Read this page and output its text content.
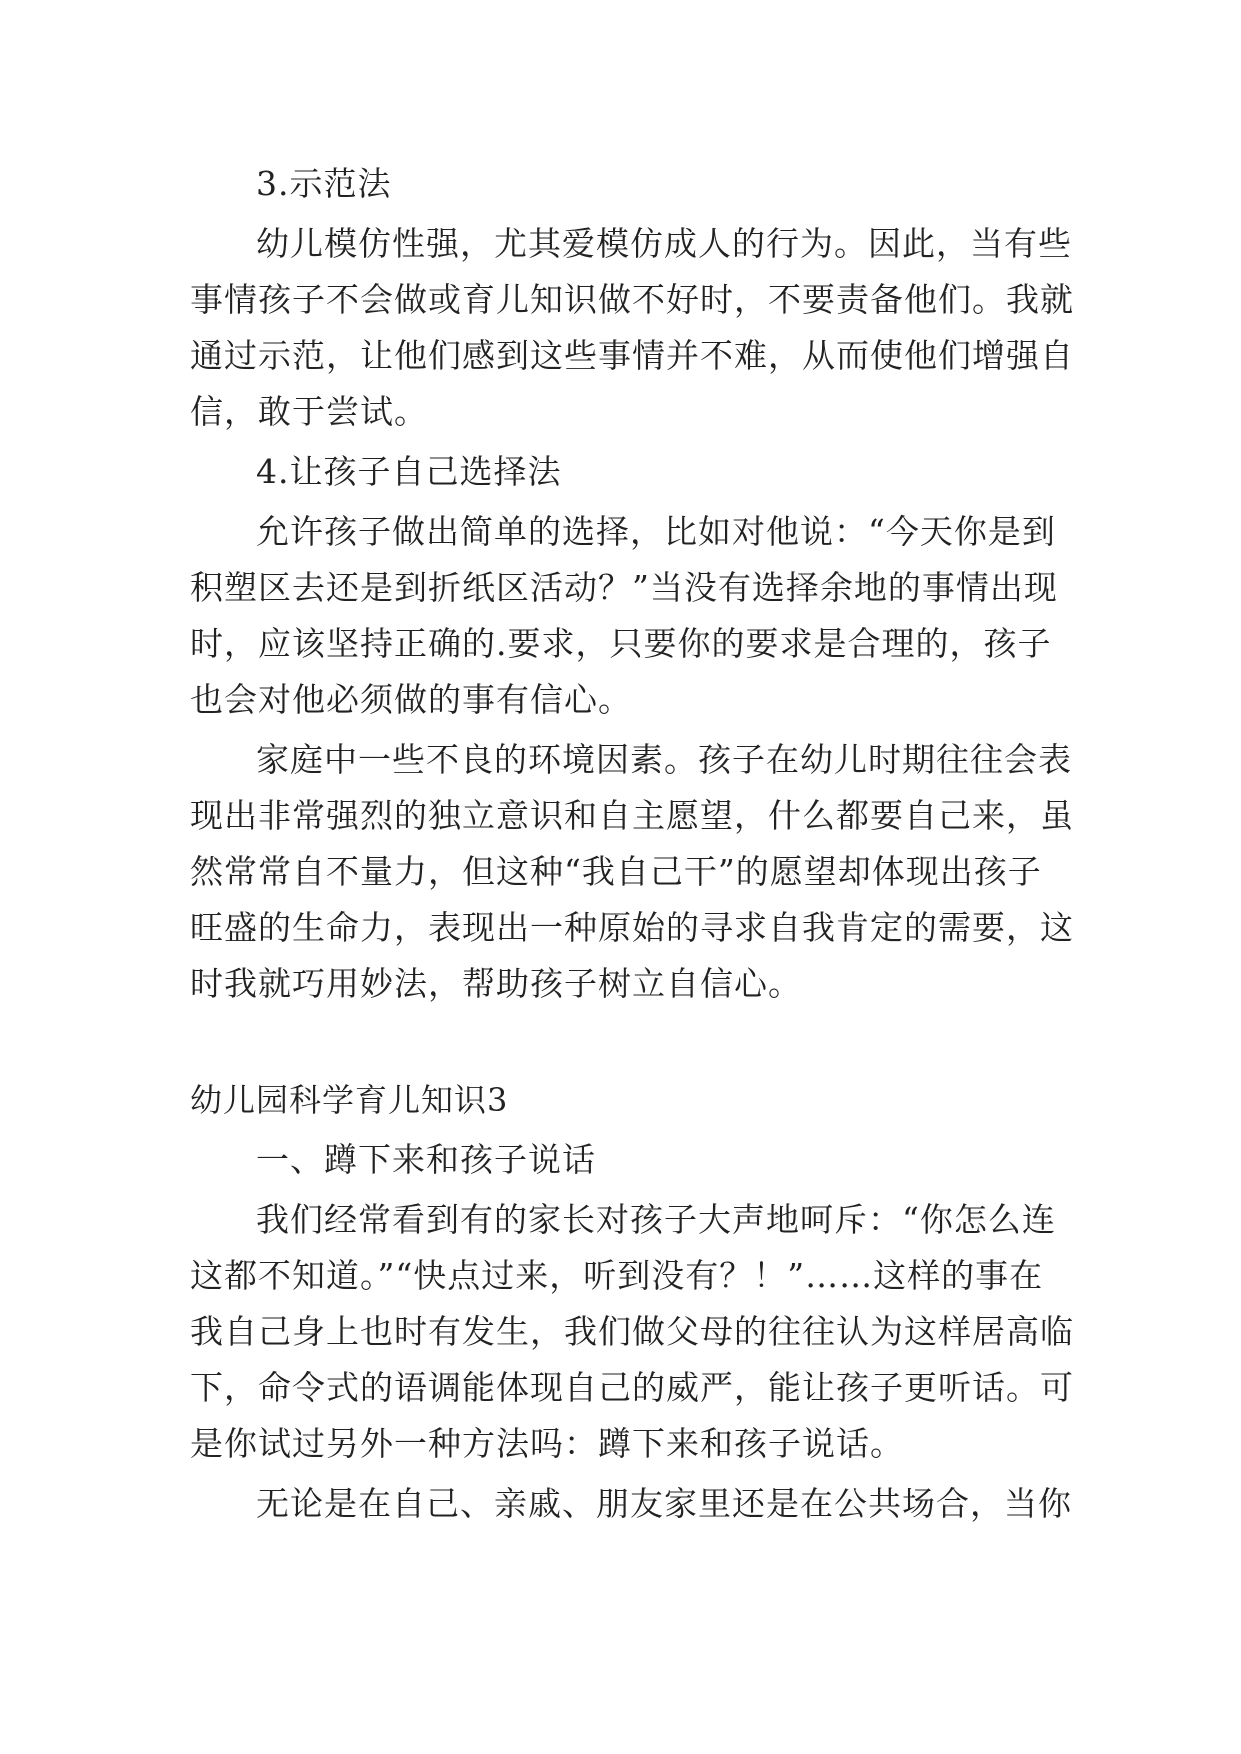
3.示范法
幼儿模仿性强，尤其爱模仿成人的行为。因此，当有些
事情孩子不会做或育儿知识做不好时，不要责备他们。我就
通过示范，让他们感到这些事情并不难，从而使他们增强自
信，敢于尝试。
4.让孩子自己选择法
允许孩子做出简单的选择，比如对他说：“今天你是到
积塑区去还是到折纸区活动？”当没有选择余地的事情出现
时，应该坚持正确的.要求，只要你的要求是合理的，孩子
也会对他必须做的事有信心。
家庭中一些不良的环境因素。孩子在幼儿时期往往会表
现出非常强烈的独立意识和自主愿望，什么都要自己来，虽
然常常自不量力，但这种“我自己干”的愿望却体现出孩子
旺盛的生命力，表现出一种原始的寻求自我肯定的需要，这
时我就巧用妙法，帮助孩子树立自信心。
幼儿园科学育儿知识3
一、蹲下来和孩子说话
我们经常看到有的家长对孩子大声地呵斥：“你怎么连
这都不知道。”“快点过来，听到没有？！”……这样的事在
我自己身上也时有发生，我们做父母的往往认为这样居高临
下，命令式的语调能体现自己的威严，能让孩子更听话。可
是你试过另外一种方法吗：蹲下来和孩子说话。
无论是在自己、亲戚、朋友家里还是在公共场合，当你
